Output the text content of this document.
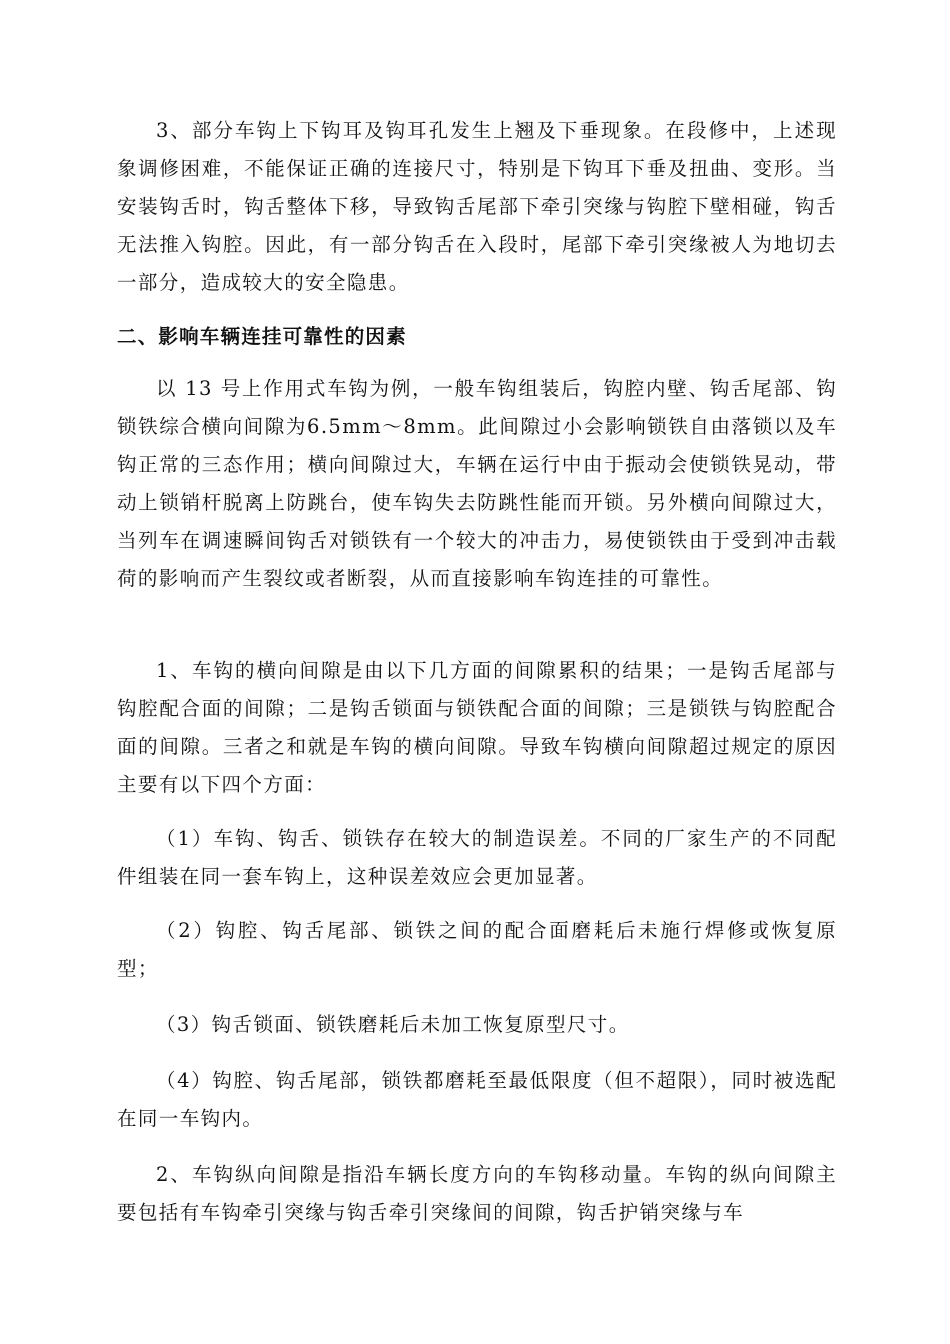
3、部分车钩上下钩耳及钩耳孔发生上翘及下垂现象。在段修中，上述现象调修困难，不能保证正确的连接尺寸，特别是下钩耳下垂及扭曲、变形。当安装钩舌时，钩舌整体下移，导致钩舌尾部下牵引突缘与钩腔下壁相碰，钩舌无法推入钩腔。因此，有一部分钩舌在入段时，尾部下牵引突缘被人为地切去一部分，造成较大的安全隐患。

二、影响车辆连挂可靠性的因素

以 13 号上作用式车钩为例，一般车钩组装后，钩腔内壁、钩舌尾部、钩锁铁综合横向间隙为6.5mm～8mm。此间隙过小会影响锁铁自由落锁以及车钩正常的三态作用；横向间隙过大，车辆在运行中由于振动会使锁铁晃动，带动上锁销杆脱离上防跳台，使车钩失去防跳性能而开锁。另外横向间隙过大，当列车在调速瞬间钩舌对锁铁有一个较大的冲击力，易使锁铁由于受到冲击载荷的影响而产生裂纹或者断裂，从而直接影响车钩连挂的可靠性。

1、车钩的横向间隙是由以下几方面的间隙累积的结果；一是钩舌尾部与钩腔配合面的间隙；二是钩舌锁面与锁铁配合面的间隙；三是锁铁与钩腔配合面的间隙。三者之和就是车钩的横向间隙。导致车钩横向间隙超过规定的原因主要有以下四个方面：

（1）车钩、钩舌、锁铁存在较大的制造误差。不同的厂家生产的不同配件组装在同一套车钩上，这种误差效应会更加显著。

（2）钩腔、钩舌尾部、锁铁之间的配合面磨耗后未施行焊修或恢复原型；

（3）钩舌锁面、锁铁磨耗后未加工恢复原型尺寸。

（4）钩腔、钩舌尾部，锁铁都磨耗至最低限度（但不超限），同时被选配在同一车钩内。

2、车钩纵向间隙是指沿车辆长度方向的车钩移动量。车钩的纵向间隙主要包括有车钩牵引突缘与钩舌牵引突缘间的间隙，钩舌护销突缘与车
